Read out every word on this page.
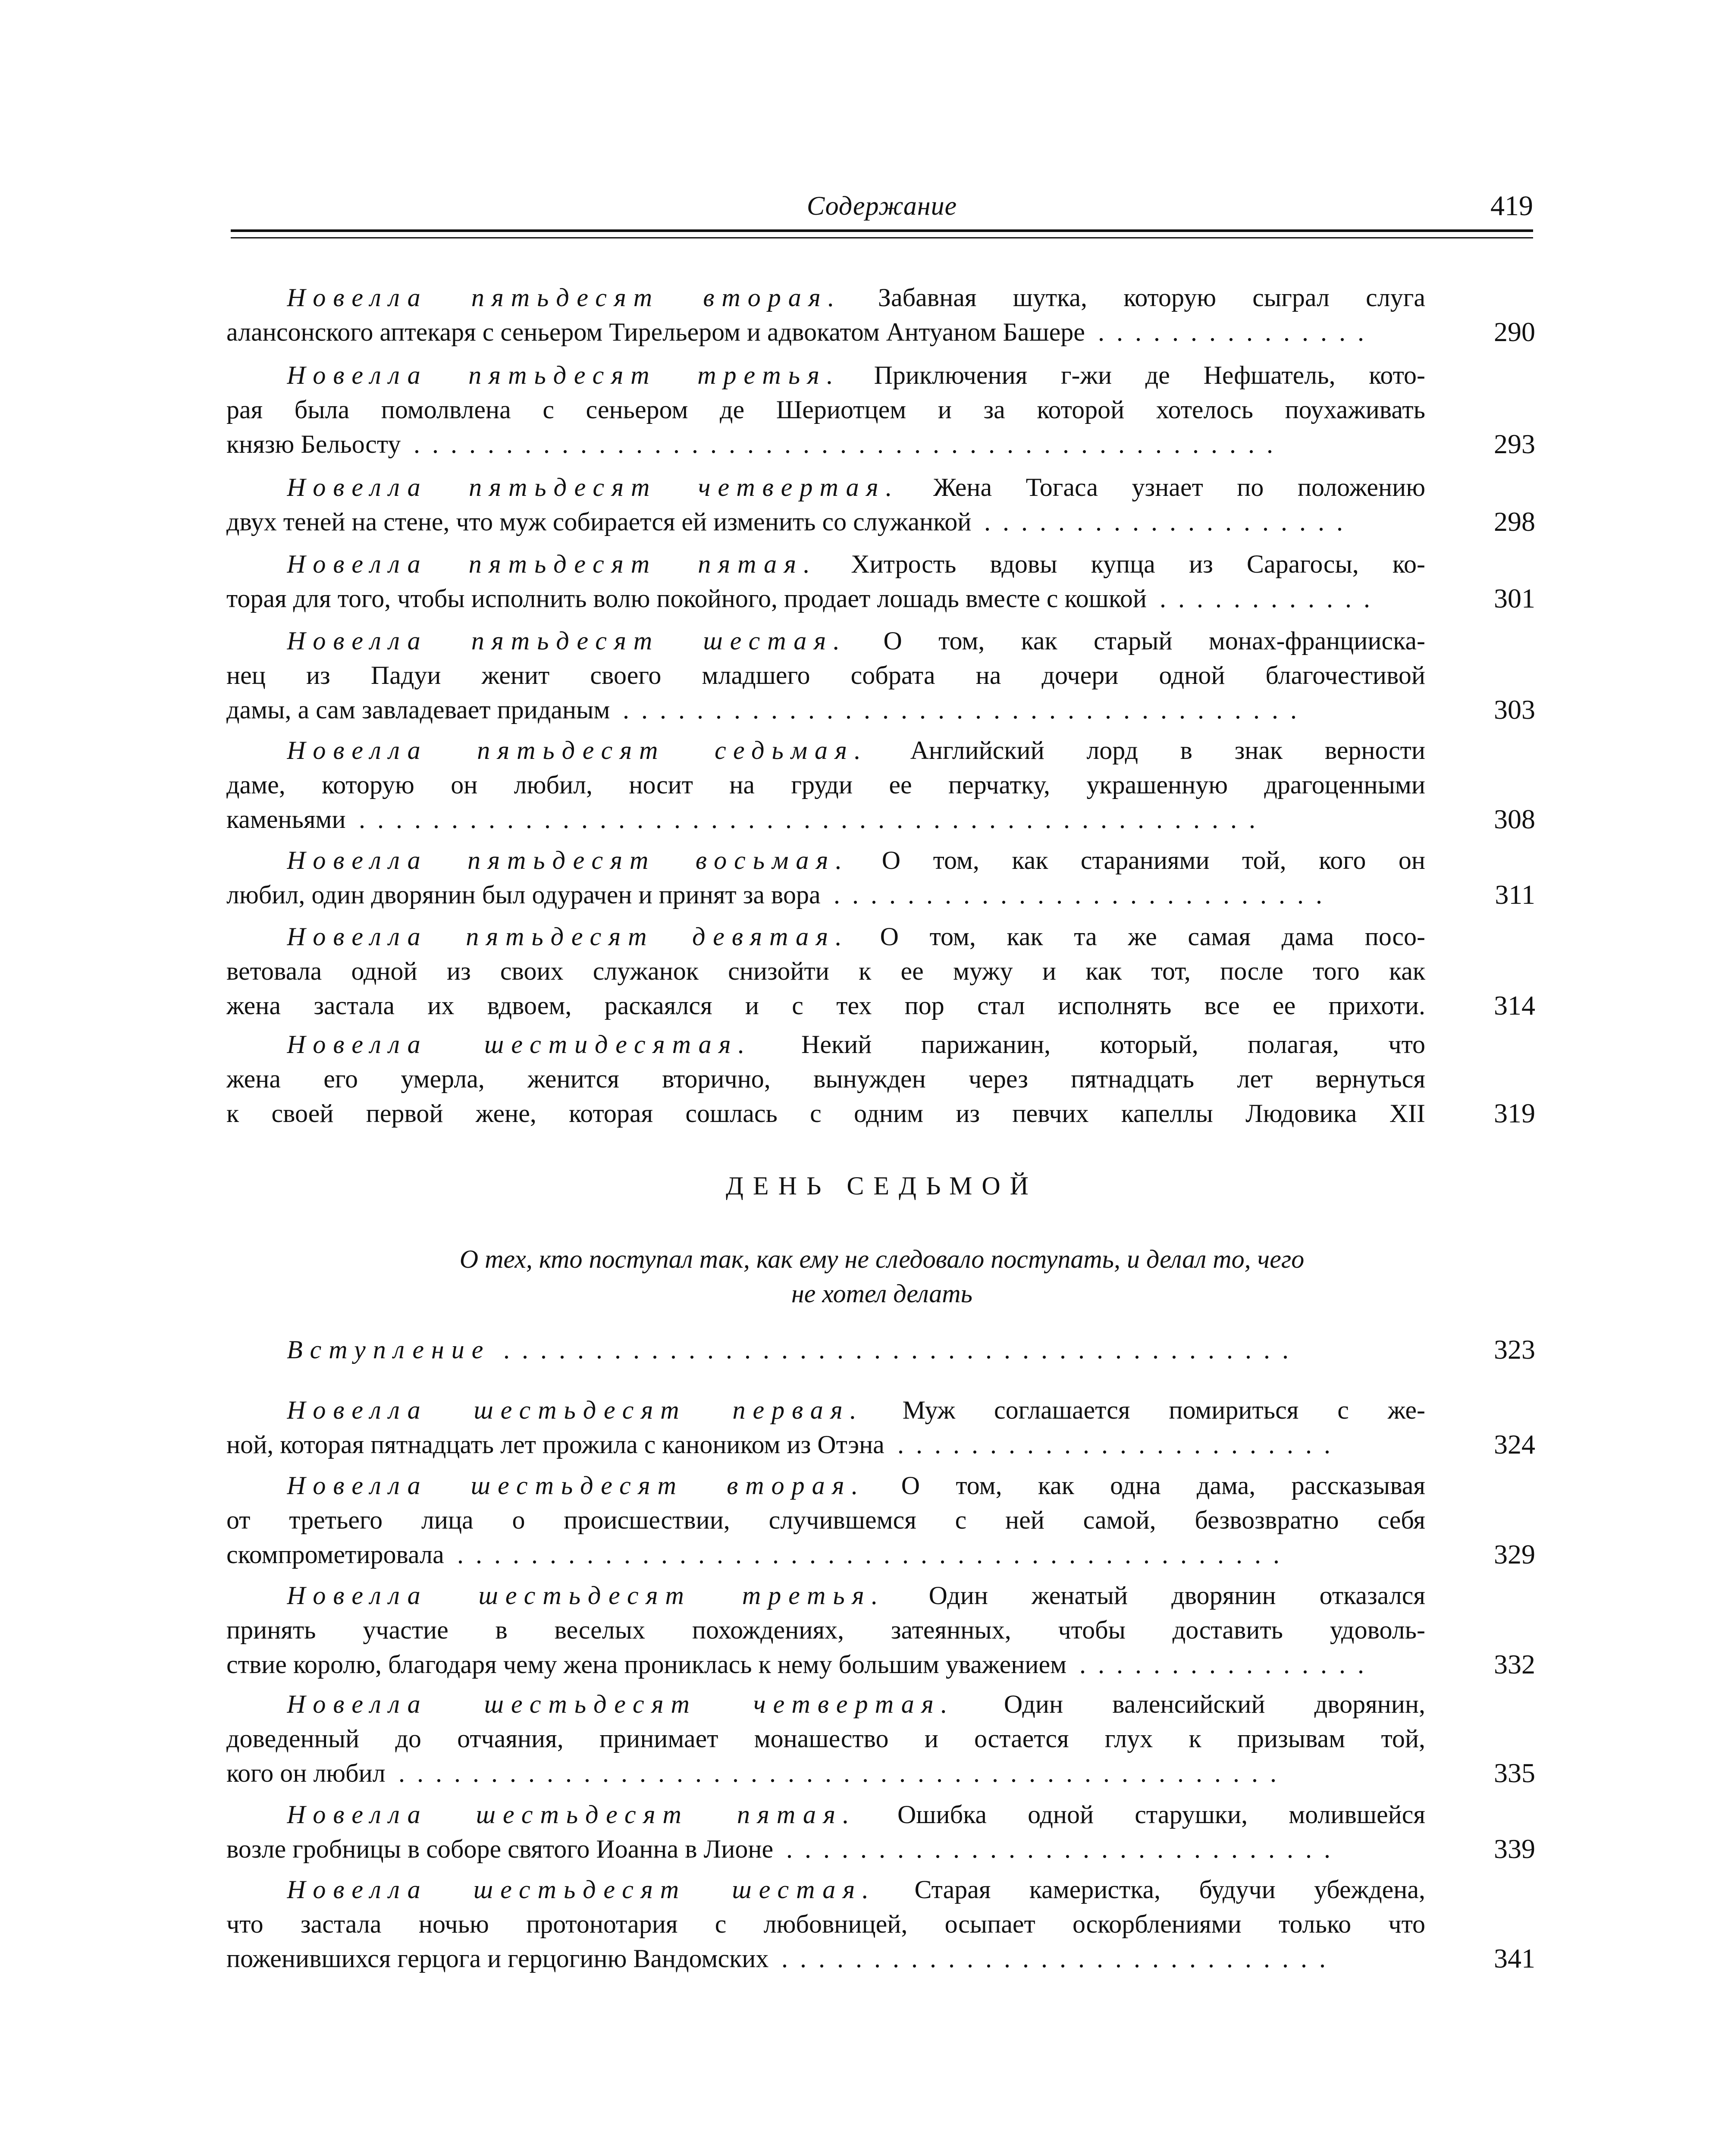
Содержание	419
Новелла пятьдесят вторая. Забавная шутка, которую сыграл слуга
алансонского аптекаря с сеньером Тирельером и адвокатом Антуаном Башере ...............	290
Новелла пятьдесят третья. Приключения г-жи де Нефшатель, кото-
рая была помолвлена с сеньером де Шериотцем и за которой хотелось поухаживать
князю Бельосту ...............................................	293
Новелла пятьдесят четвертая. Жена Тогаса узнает по положению
двух теней на стене, что муж собирается ей изменить со служанкой ....................	298
Новелла пятьдесят пятая. Хитрость вдовы купца из Сарагосы, ко-
торая для того, чтобы исполнить волю покойного, продает лошадь вместе с кошкой ............	301
Новелла пятьдесят шестая. О том, как старый монах-францииска-
нец из Падуи женит своего младшего собрата на дочери одной благочестивой
дамы, а сам завладевает приданым .....................................	303
Новелла пятьдесят седьмая. Английский лорд в знак верности
даме, которую он любил, носит на груди ее перчатку, украшенную драгоценными
каменьями .................................................	308
Новелла пятьдесят восьмая. О том, как стараниями той, кого он
любил, один дворянин был одурачен и принят за вора ...........................	311
Новелла пятьдесят девятая. О том, как та же самая дама посо-
ветовала одной из своих служанок снизойти к ее мужу и как тот, после того как
жена застала их вдвоем, раскаялся и с тех пор стал исполнять все ее прихоти.	314
Новелла шестидесятая. Некий парижанин, который, полагая, что
жена его умерла, женится вторично, вынужден через пятнадцать лет вернуться
к своей первой жене, которая сошлась с одним из певчих капеллы Людовика XII	319
ДЕНЬ СЕДЬМОЙ
О тех, кто поступал так, как ему не следовало поступать, и делал то, чего
не хотел делать
Вступление ...........................................	323
Новелла шестьдесят первая. Муж соглашается помириться с же-
ной, которая пятнадцать лет прожила с каноником из Отэна ........................	324
Новелла шестьдесят вторая. О том, как одна дама, рассказывая
от третьего лица о происшествии, случившемся с ней самой, безвозвратно себя
скомпрометировала .............................................	329
Новелла шестьдесят третья. Один женатый дворянин отказался
принять участие в веселых похождениях, затеянных, чтобы доставить удоволь-
ствие королю, благодаря чему жена прониклась к нему большим уважением ................	332
Новелла шестьдесят четвертая. Один валенсийский дворянин,
доведенный до отчаяния, принимает монашество и остается глух к призывам той,
кого он любил ................................................	335
Новелла шестьдесят пятая. Ошибка одной старушки, молившейся
возле гробницы в соборе святого Иоанна в Лионе ..............................	339
Новелла шестьдесят шестая. Старая камеристка, будучи убеждена,
что застала ночью протонотария с любовницей, осыпает оскорблениями только что
поженившихся герцога и герцогиню Вандомских ..............................	341
